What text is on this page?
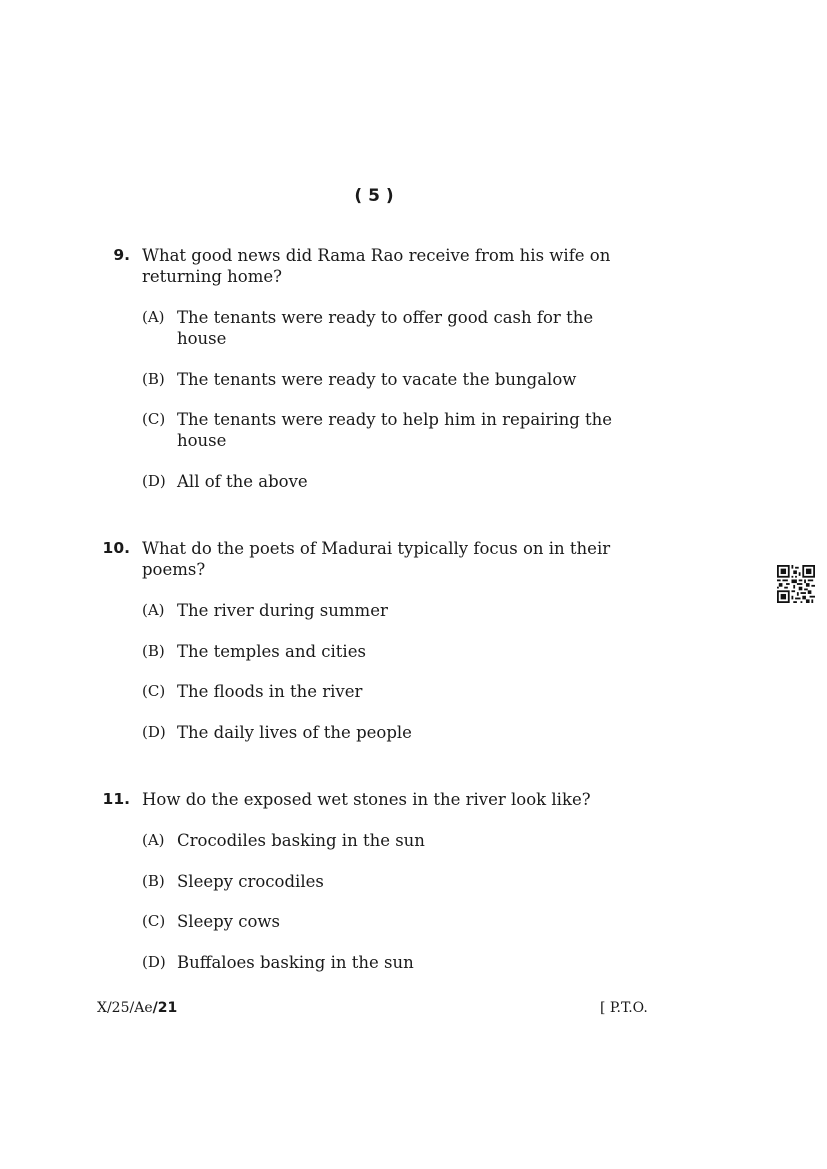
( 5 )
9. What good news did Rama Rao receive from his wife on returning home?
(A) The tenants were ready to offer good cash for the house
(B) The tenants were ready to vacate the bungalow
(C) The tenants were ready to help him in repairing the house
(D) All of the above
10. What do the poets of Madurai typically focus on in their poems?
(A) The river during summer
(B) The temples and cities
(C) The floods in the river
(D) The daily lives of the people
11. How do the exposed wet stones in the river look like?
(A) Crocodiles basking in the sun
(B) Sleepy crocodiles
(C) Sleepy cows
(D) Buffaloes basking in the sun
X/25/Ae/21	[ P.T.O.
